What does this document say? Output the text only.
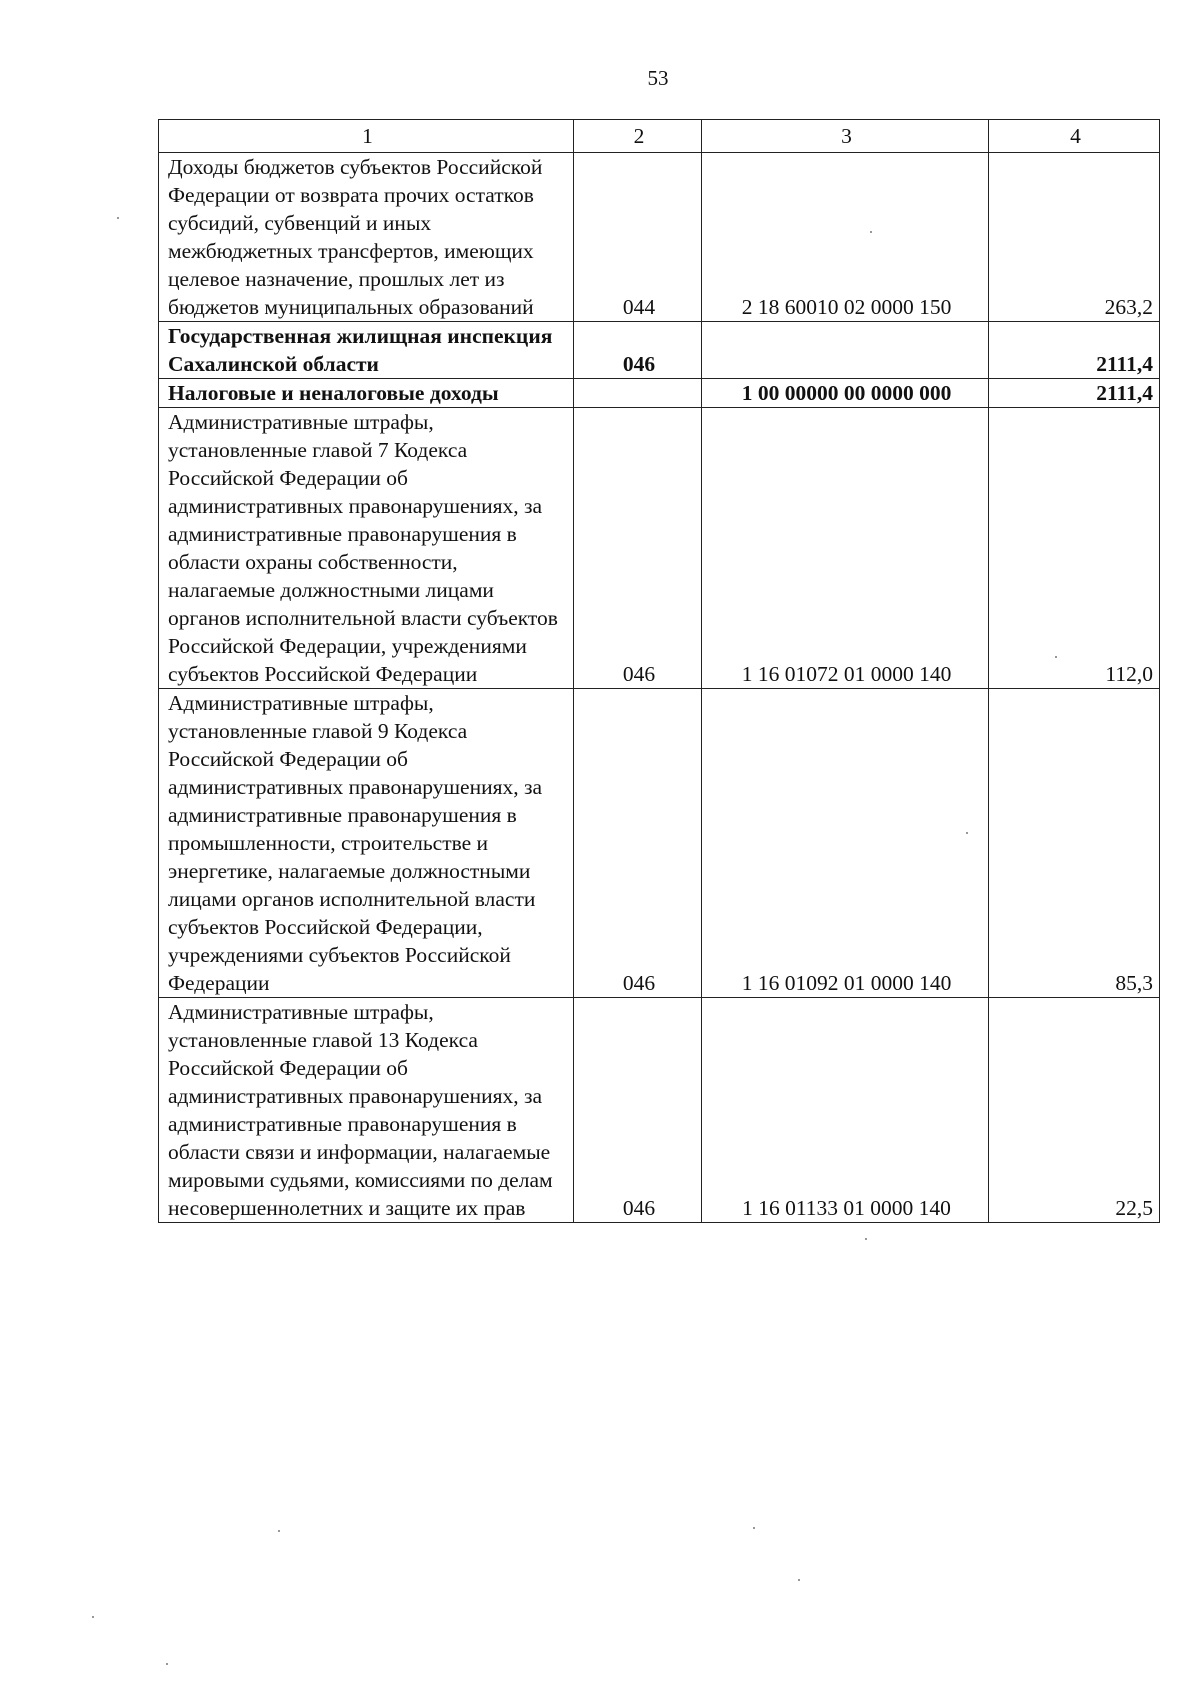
53
1	2	3	4
Доходы бюджетов субъектов Российской Федерации от возврата прочих остатков субсидий, субвенций и иных межбюджетных трансфертов, имеющих целевое назначение, прошлых лет из бюджетов муниципальных образований	044	2 18 60010 02 0000 150	263,2
Государственная жилищная инспекция Сахалинской области	046		2111,4
Налоговые и неналоговые доходы		1 00 00000 00 0000 000	2111,4
Административные штрафы, установленные главой 7 Кодекса Российской Федерации об административных правонарушениях, за административные правонарушения в области охраны собственности, налагаемые должностными лицами органов исполнительной власти субъектов Российской Федерации, учреждениями субъектов Российской Федерации	046	1 16 01072 01 0000 140	112,0
Административные штрафы, установленные главой 9 Кодекса Российской Федерации об административных правонарушениях, за административные правонарушения в промышленности, строительстве и энергетике, налагаемые должностными лицами органов исполнительной власти субъектов Российской Федерации, учреждениями субъектов Российской Федерации	046	1 16 01092 01 0000 140	85,3
Административные штрафы, установленные главой 13 Кодекса Российской Федерации об административных правонарушениях, за административные правонарушения в области связи и информации, налагаемые мировыми судьями, комиссиями по делам несовершеннолетних и защите их прав	046	1 16 01133 01 0000 140	22,5
